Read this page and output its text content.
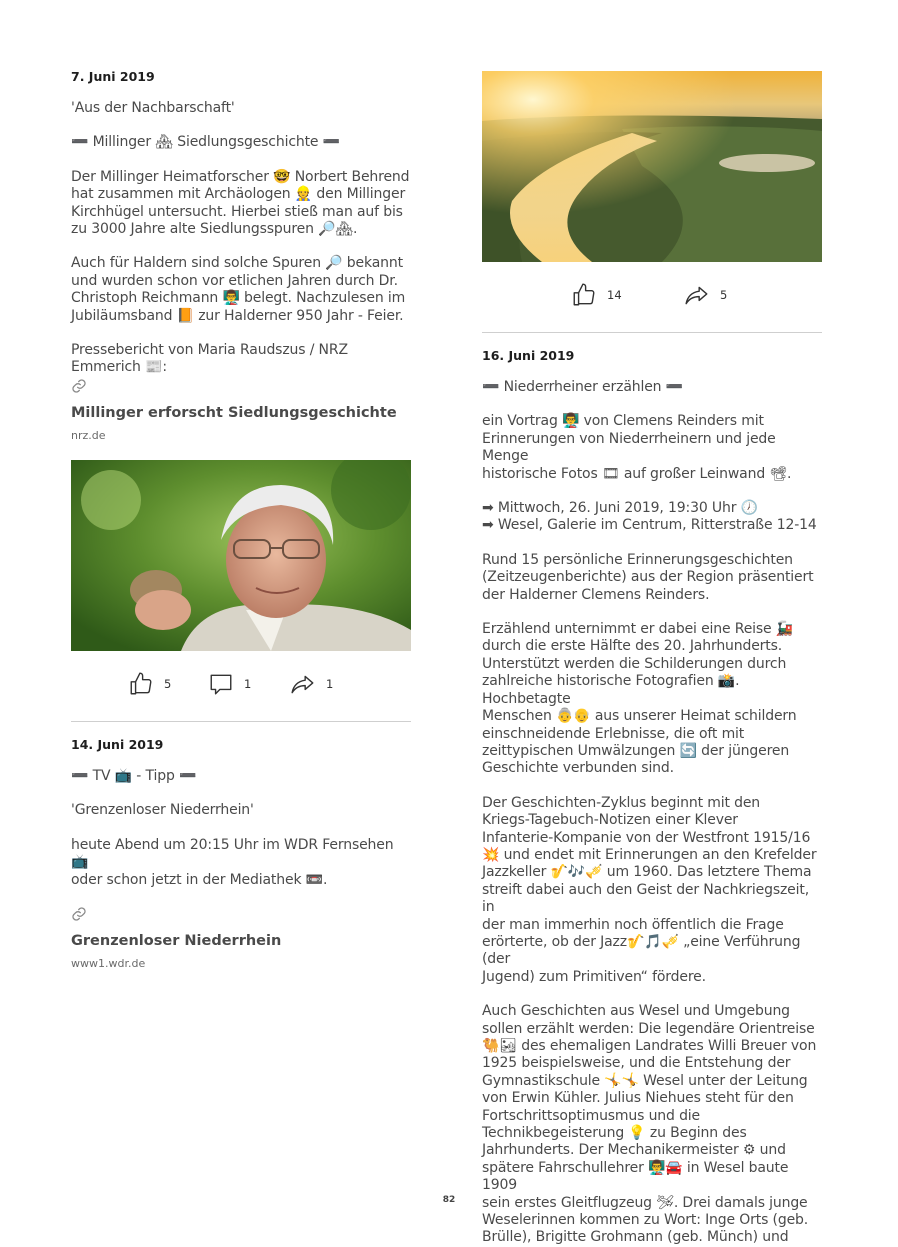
7. Juni 2019
'Aus der Nachbarschaft'
➖ Millinger 🏘 Siedlungsgeschichte ➖
Der Millinger Heimatforscher 🤓 Norbert Behrend
hat zusammen mit Archäologen 👷 den Millinger
Kirchhügel untersucht. Hierbei stieß man auf bis
zu 3000 Jahre alte Siedlungsspuren 🔎🏘.
Auch für Haldern sind solche Spuren 🔎 bekannt
und wurden schon vor etlichen Jahren durch Dr.
Christoph Reichmann 👨‍🏫 belegt. Nachzulesen im
Jubiläumsband 📙 zur Halderner 950 Jahr - Feier.
Pressebericht von Maria Raudszus / NRZ
Emmerich 📰:
Millinger erforscht Siedlungsgeschichte
nrz.de
5	1	1
14. Juni 2019
➖ TV 📺 - Tipp ➖
'Grenzenloser Niederrhein'
heute Abend um 20:15 Uhr im WDR Fernsehen 📺
oder schon jetzt in der Mediathek 📼.
Grenzenloser Niederrhein
www1.wdr.de
14	5
16. Juni 2019
➖ Niederrheiner erzählen ➖
ein Vortrag 👨‍🏫 von Clemens Reinders mit
Erinnerungen von Niederrheinern und jede Menge
historische Fotos 🎞 auf großer Leinwand 📽.
➡ Mittwoch, 26. Juni 2019, 19:30 Uhr 🕖
➡ Wesel, Galerie im Centrum, Ritterstraße 12-14
Rund 15 persönliche Erinnerungsgeschichten
(Zeitzeugenberichte) aus der Region präsentiert
der Halderner Clemens Reinders.
Erzählend unternimmt er dabei eine Reise 🚂
durch die erste Hälfte des 20. Jahrhunderts.
Unterstützt werden die Schilderungen durch
zahlreiche historische Fotografien 📸. Hochbetagte
Menschen 👵👴 aus unserer Heimat schildern
einschneidende Erlebnisse, die oft mit
zeittypischen Umwälzungen 🔄 der jüngeren
Geschichte verbunden sind.
Der Geschichten-Zyklus beginnt mit den
Kriegs-Tagebuch-Notizen einer Klever
Infanterie-Kompanie von der Westfront 1915/16
💥 und endet mit Erinnerungen an den Krefelder
Jazzkeller 🎷🎶🎺 um 1960. Das letztere Thema
streift dabei auch den Geist der Nachkriegszeit, in
der man immerhin noch öffentlich die Frage
erörterte, ob der Jazz🎷🎵🎺 „eine Verführung (der
Jugend) zum Primitiven“ fördere.
Auch Geschichten aus Wesel und Umgebung
sollen erzählt werden: Die legendäre Orientreise
🐫🏜 des ehemaligen Landrates Willi Breuer von
1925 beispielsweise, und die Entstehung der
Gymnastikschule 🤸🤸 Wesel unter der Leitung
von Erwin Kühler. Julius Niehues steht für den
Fortschrittsoptimusmus und die
Technikbegeisterung 💡 zu Beginn des
Jahrhunderts. Der Mechanikermeister ⚙ und
spätere Fahrschullehrer 👨‍🏫🚘 in Wesel baute 1909
sein erstes Gleitflugzeug 🛩. Drei damals junge
Weselerinnen kommen zu Wort: Inge Orts (geb.
Brülle), Brigitte Grohmann (geb. Münch) und
82
